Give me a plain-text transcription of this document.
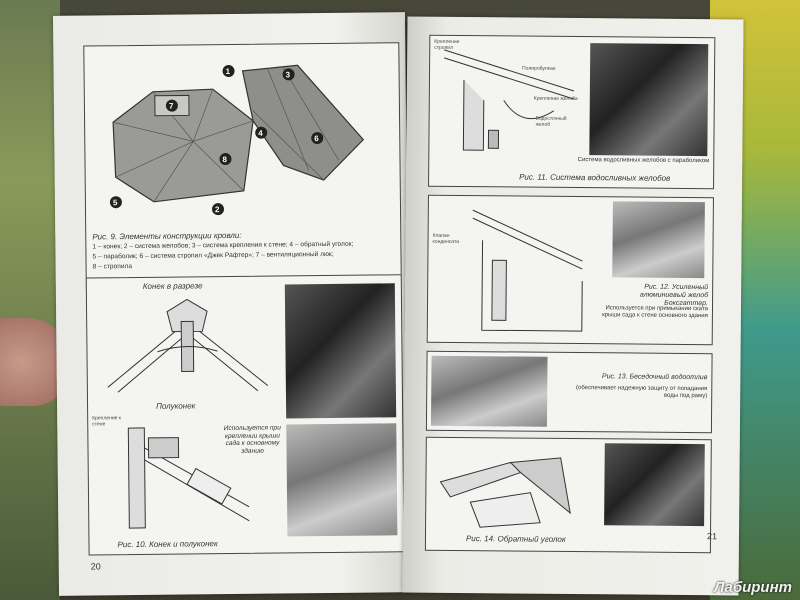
1	3
4
6
7
8
2
5
Рис. 9. Элементы конструкции кровли:
1 – конек; 2 – система желобов; 3 – система крепления к стене; 4 – обратный уголок;
5 – параболик; 6 – система стропил «Джек Рафтер»; 7 – вентиляционный люк;
8 – стропила
Конек в разрезе
Полуконек
Крепление к стене
Используется при креплении крыши сада к основному зданию
Рис. 10. Конек и полуконек
20
Крепление стропил
Полиробулкан
Крепление желоба
Водосточный желоб
Система водосливных желобов с параболиком
Рис. 11. Система водосливных желобов
Клапан конденсата
Рис. 12. Усиленный алюминиевый желоб Боксгаттер.
Используется при примыкании ската крыши сада к стене основного здания
Рис. 13. Беседочный водоотлив
(обеспечивает надежную защиту от попадания воды под раму)
Рис. 14. Обратный уголок	21
Лабиринт
